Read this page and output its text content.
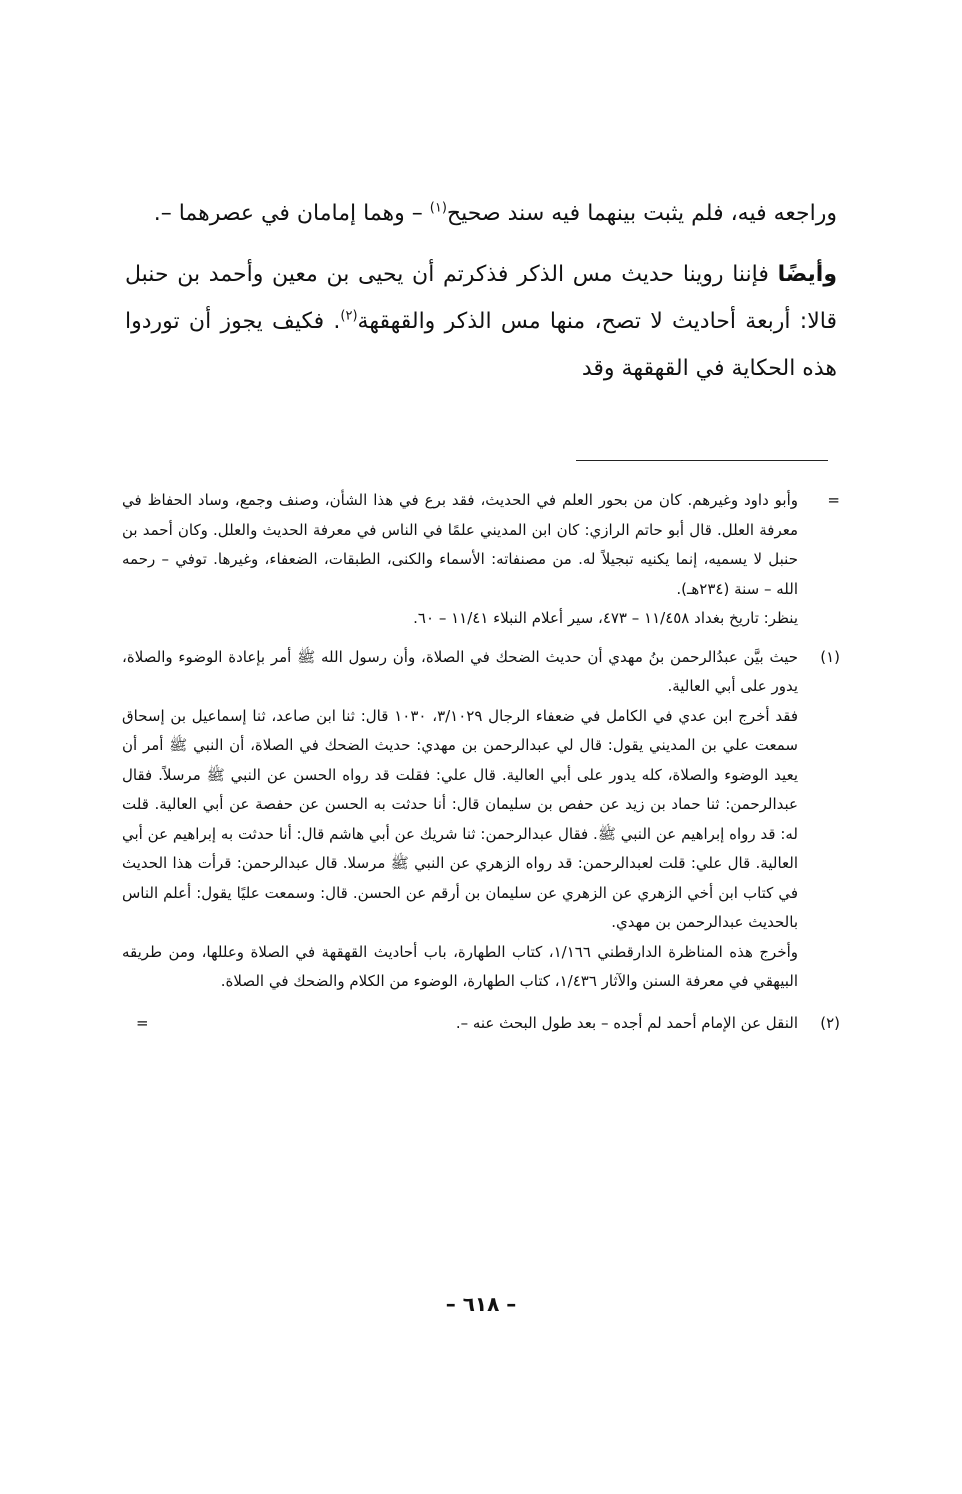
وراجعه فيه، فلم يثبت بينهما فيه سند صحيح$^{(١)}$ – وهما إمامان في عصرهما –.

وأيضًا فإننا روينا حديث مس الذكر فذكرتم أن يحيى بن معين وأحمد بن حنبل قالا: أربعة أحاديث لا تصح، منها مس الذكر والقهقهة$^{(٢)}$. فكيف يجوز أن توردوا هذه الحكاية في القهقهة وقد

=

وأبو داود وغيرهم. كان من بحور العلم في الحديث، فقد برع في هذا الشأن، وصنف وجمع، وساد الحفاظ في معرفة العلل. قال أبو حاتم الرازي: كان ابن المديني علمًا في الناس في معرفة الحديث والعلل. وكان أحمد بن حنبل لا يسميه، إنما يكنيه تبجيلاً له. من مصنفاته: الأسماء والكنى، الطبقات، الضعفاء، وغيرها. توفي – رحمه الله – سنة (٢٣٤هـ).

ينظر: تاريخ بغداد ١١/٤٥٨ – ٤٧٣، سير أعلام النبلاء ١١/٤١ – ٦٠.

(١)

حيث بيَّن عبدُالرحمن بنُ مهدي أن حديث الضحك في الصلاة، وأن رسول الله ﷺ أمر بإعادة الوضوء والصلاة، يدور على أبي العالية.

فقد أخرج ابن عدي في الكامل في ضعفاء الرجال ٣/١٠٢٩، ١٠٣٠ قال: ثنا ابن صاعد، ثنا إسماعيل بن إسحاق سمعت علي بن المديني يقول: قال لي عبدالرحمن بن مهدي: حديث الضحك في الصلاة، أن النبي ﷺ أمر أن يعيد الوضوء والصلاة، كله يدور على أبي العالية. قال علي: فقلت قد رواه الحسن عن النبي ﷺ مرسلاً. فقال عبدالرحمن: ثنا حماد بن زيد عن حفص بن سليمان قال: أنا حدثت به الحسن عن حفصة عن أبي العالية. قلت له: قد رواه إبراهيم عن النبي ﷺ. فقال عبدالرحمن: ثنا شريك عن أبي هاشم قال: أنا حدثت به إبراهيم عن أبي العالية. قال علي: قلت لعبدالرحمن: قد رواه الزهري عن النبي ﷺ مرسلا. قال عبدالرحمن: قرأت هذا الحديث في كتاب ابن أخي الزهري عن الزهري عن سليمان بن أرقم عن الحسن. قال: وسمعت عليًا يقول: أعلم الناس بالحديث عبدالرحمن بن مهدي.

وأخرج هذه المناظرة الدارقطني ١/١٦٦، كتاب الطهارة، باب أحاديث القهقهة في الصلاة وعللها، ومن طريقه البيهقي في معرفة السنن والآثار ١/٤٣٦، كتاب الطهارة، الوضوء من الكلام والضحك في الصلاة.

(٢)

النقل عن الإمام أحمد لم أجده – بعد طول البحث عنه –.

=
– ٦١٨ –
